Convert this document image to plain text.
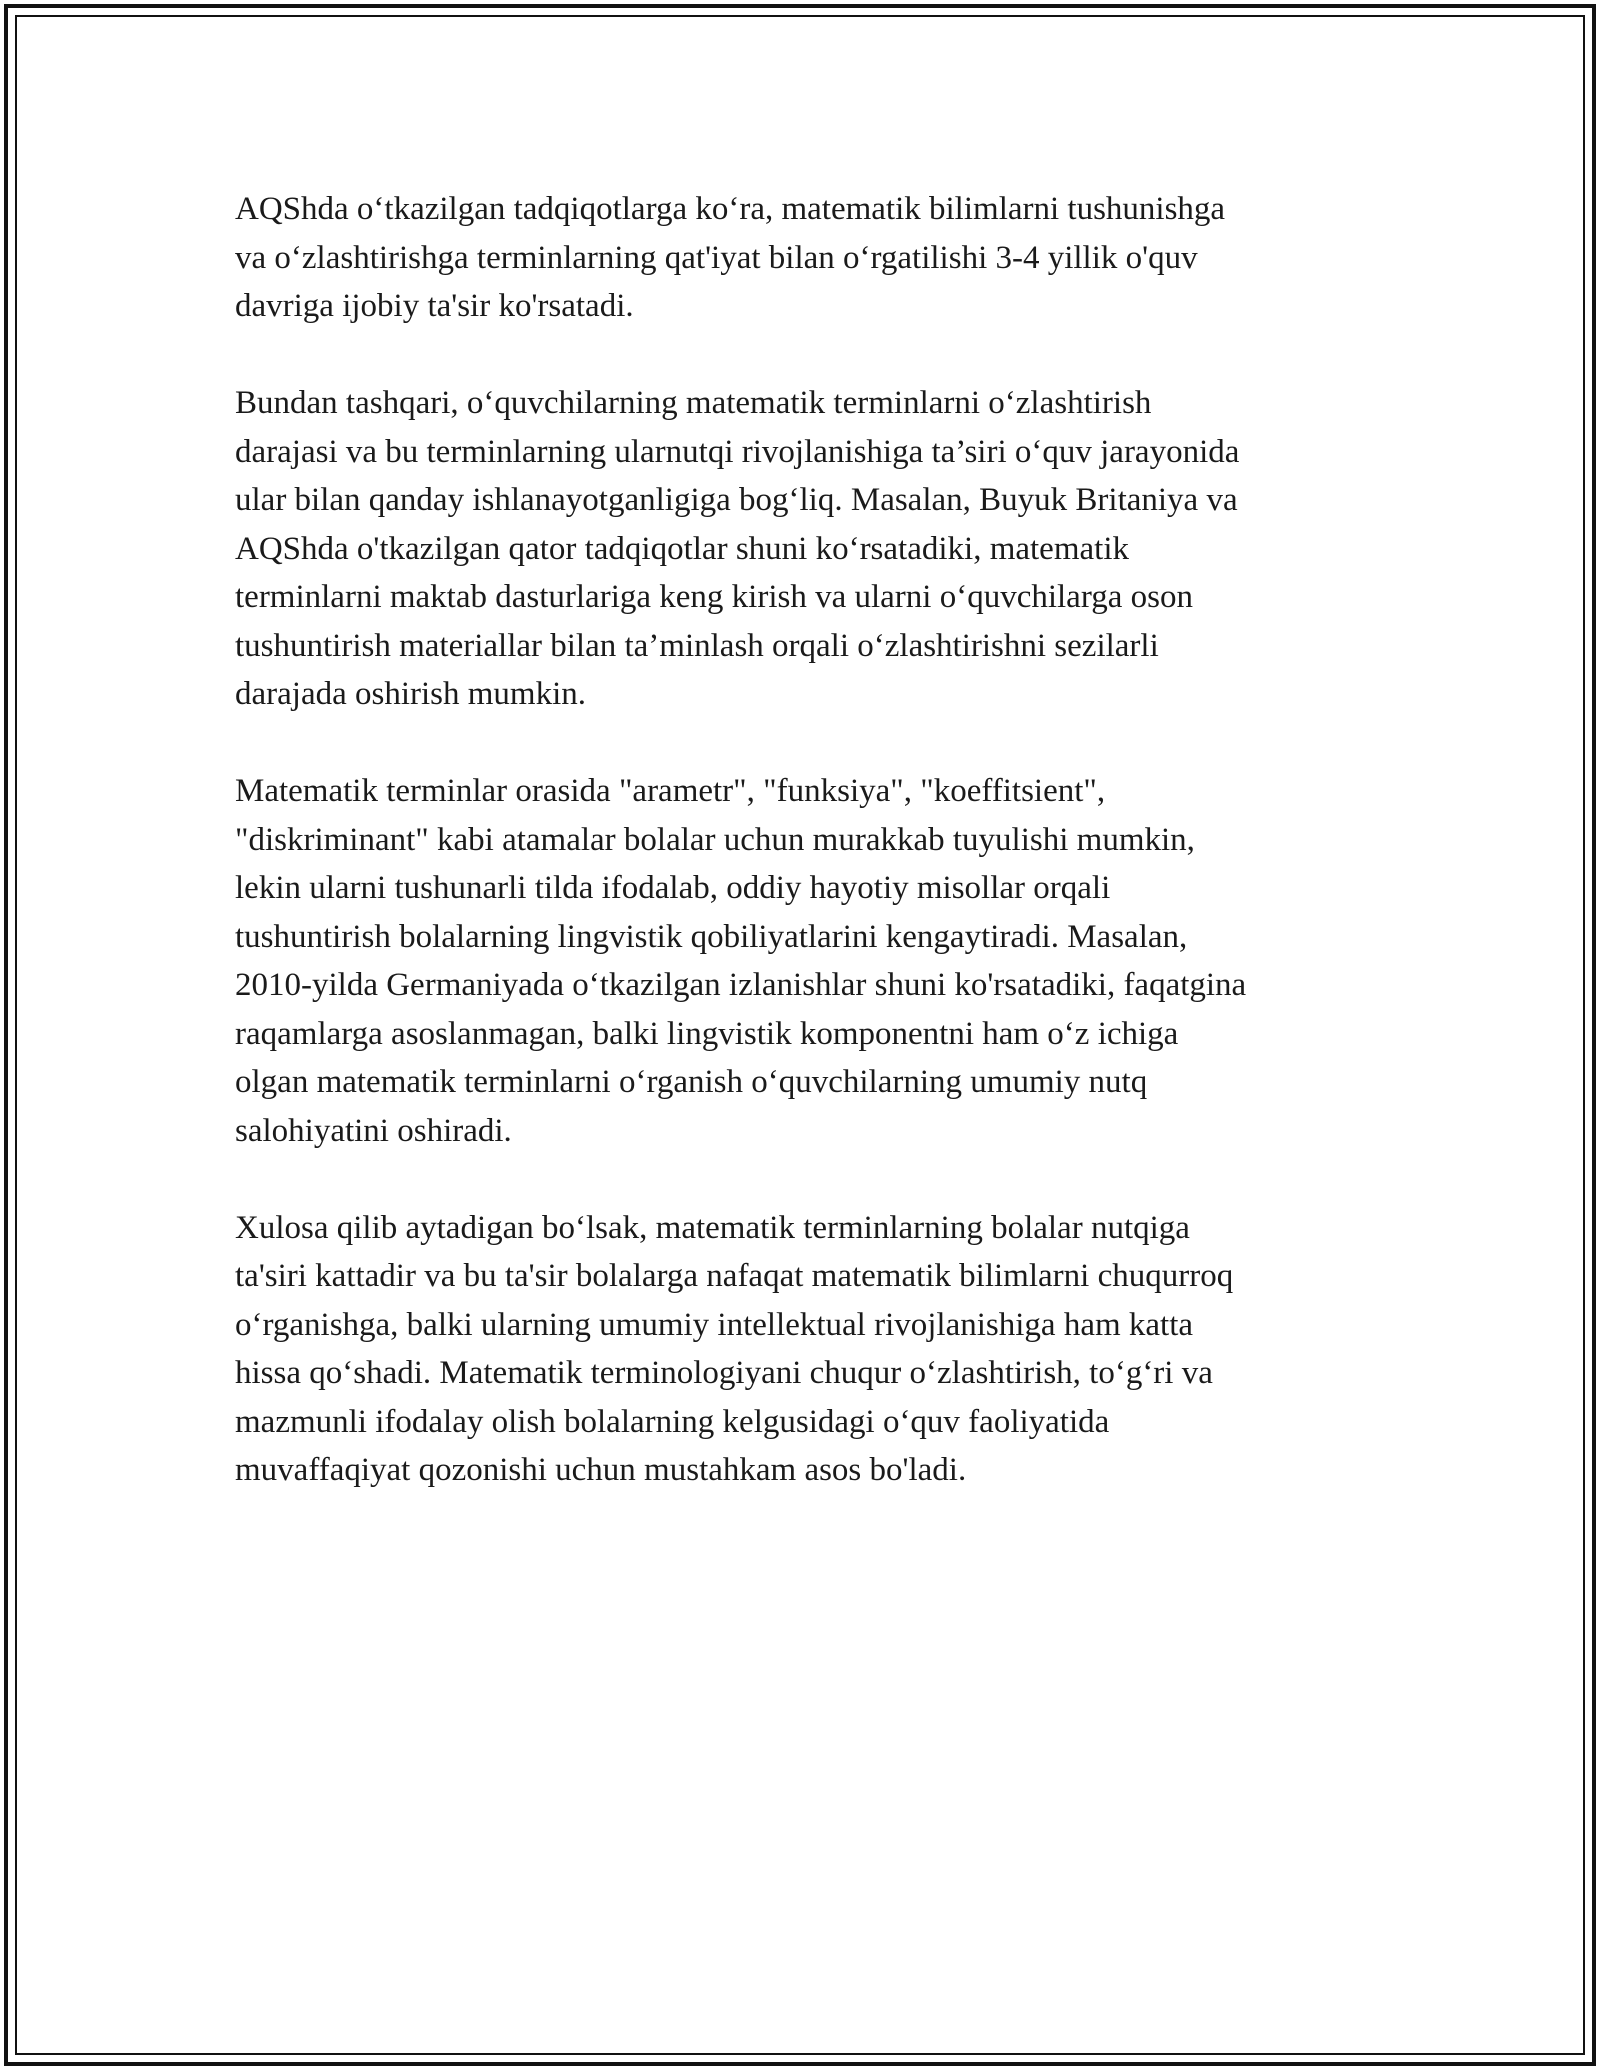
AQShda o‘tkazilgan tadqiqotlarga ko‘ra, matematik bilimlarni tushunishga
va o‘zlashtirishga terminlarning qat'iyat bilan o‘rgatilishi 3-4 yillik o'quv
davriga ijobiy ta'sir ko'rsatadi.

Bundan tashqari, o‘quvchilarning matematik terminlarni o‘zlashtirish
darajasi va bu terminlarning ularnutqi rivojlanishiga ta’siri o‘quv jarayonida
ular bilan qanday ishlanayotganligiga bog‘liq. Masalan, Buyuk Britaniya va
AQShda o'tkazilgan qator tadqiqotlar shuni ko‘rsatadiki, matematik
terminlarni maktab dasturlariga keng kirish va ularni o‘quvchilarga oson
tushuntirish materiallar bilan ta’minlash orqali o‘zlashtirishni sezilarli
darajada oshirish mumkin.

Matematik terminlar orasida "arametr", "funksiya", "koeffitsient",
"diskriminant" kabi atamalar bolalar uchun murakkab tuyulishi mumkin,
lekin ularni tushunarli tilda ifodalab, oddiy hayotiy misollar orqali
tushuntirish bolalarning lingvistik qobiliyatlarini kengaytiradi. Masalan,
2010-yilda Germaniyada o‘tkazilgan izlanishlar shuni ko'rsatadiki, faqatgina
raqamlarga asoslanmagan, balki lingvistik komponentni ham o‘z ichiga
olgan matematik terminlarni o‘rganish o‘quvchilarning umumiy nutq
salohiyatini oshiradi.

Xulosa qilib aytadigan bo‘lsak, matematik terminlarning bolalar nutqiga
ta'siri kattadir va bu ta'sir bolalarga nafaqat matematik bilimlarni chuqurroq
o‘rganishga, balki ularning umumiy intellektual rivojlanishiga ham katta
hissa qo‘shadi. Matematik terminologiyani chuqur o‘zlashtirish, to‘g‘ri va
mazmunli ifodalay olish bolalarning kelgusidagi o‘quv faoliyatida
muvaffaqiyat qozonishi uchun mustahkam asos bo'ladi.
